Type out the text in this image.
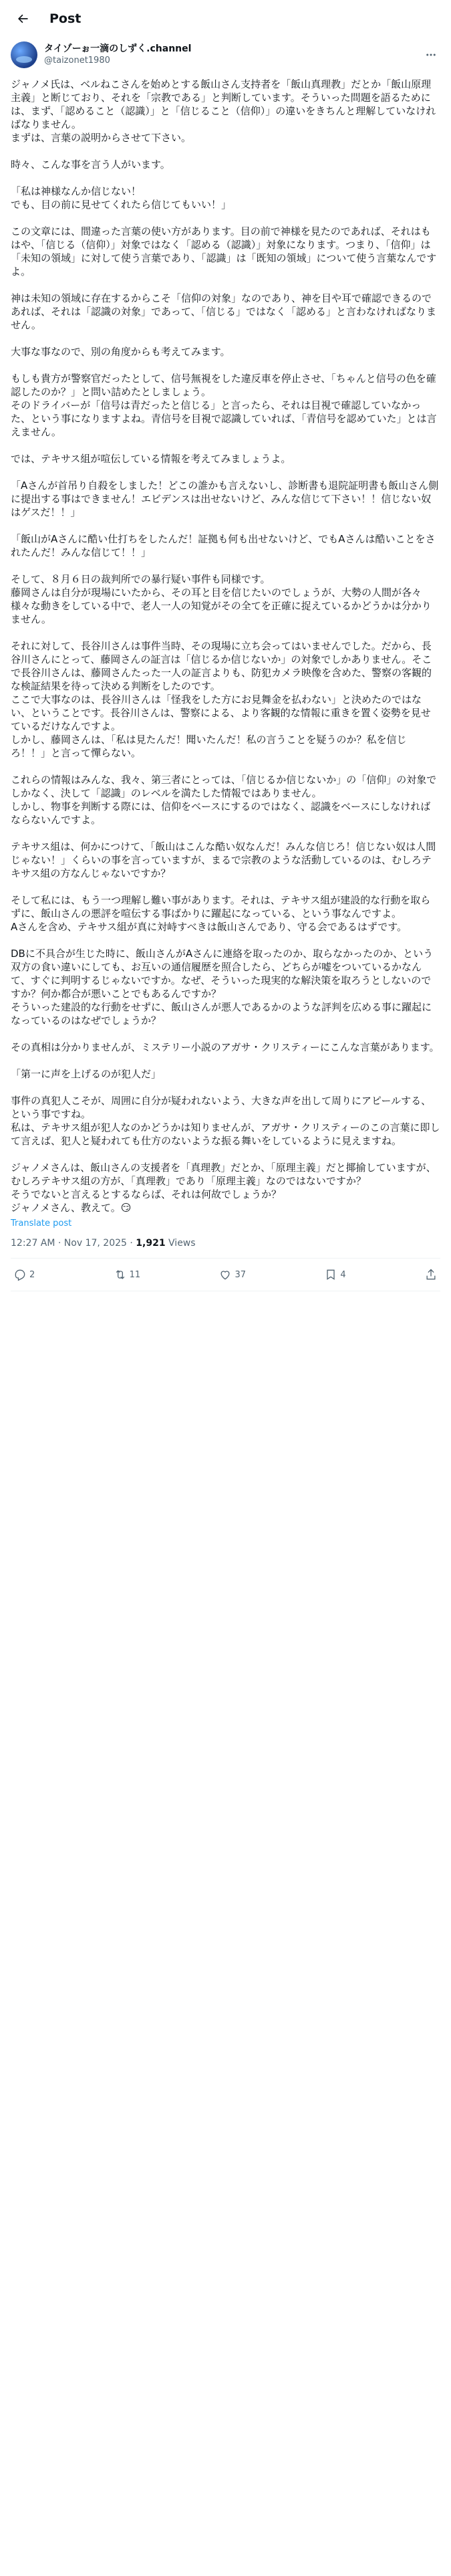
Post
タイゾーぉ一滴のしずく.channel
@taizonet1980

ジャノメ氏は、ベルねこさんを始めとする飯山さん支持者を「飯山真理教」だとか「飯山原理主義」と断じており、それを「宗教である」と判断しています。そういった問題を語るためには、まず、「認めること（認識）」と「信じること（信仰）」の違いをきちんと理解していなければなりません。
まずは、言葉の説明からさせて下さい。

時々、こんな事を言う人がいます。

「私は神様なんか信じない！
でも、目の前に見せてくれたら信じてもいい！」

この文章には、間違った言葉の使い方があります。目の前で神様を見たのであれば、それはもはや、「信じる（信仰）」対象ではなく「認める（認識）」対象になります。つまり、「信仰」は「未知の領域」に対して使う言葉であり、「認識」は「既知の領域」について使う言葉なんですよ。

神は未知の領域に存在するからこそ「信仰の対象」なのであり、神を目や耳で確認できるのであれば、それは「認識の対象」であって、「信じる」ではなく「認める」と言わなければなりません。

大事な事なので、別の角度からも考えてみます。

もしも貴方が警察官だったとして、信号無視をした違反車を停止させ、「ちゃんと信号の色を確認したのか？」と問い詰めたとしましょう。
そのドライバーが「信号は青だったと信じる」と言ったら、それは目視で確認していなかった、という事になりますよね。青信号を目視で認識していれば、「青信号を認めていた」とは言えません。

では、テキサス組が喧伝している情報を考えてみましょうよ。

「Aさんが首吊り自殺をしました！どこの誰かも言えないし、診断書も退院証明書も飯山さん側に提出する事はできません！エビデンスは出せないけど、みんな信じて下さい！！信じない奴はゲスだ！！」

「飯山がAさんに酷い仕打ちをしたんだ！証拠も何も出せないけど、でもAさんは酷いことをされたんだ！みんな信じて！！」

そして、８月６日の裁判所での暴行疑い事件も同様です。
藤岡さんは自分が現場にいたから、その耳と目を信じたいのでしょうが、大勢の人間が各々様々な動きをしている中で、老人一人の知覚がその全てを正確に捉えているかどうかは分かりません。

それに対して、長谷川さんは事件当時、その現場に立ち会ってはいませんでした。だから、長谷川さんにとって、藤岡さんの証言は「信じるか信じないか」の対象でしかありません。そこで長谷川さんは、藤岡さんたった一人の証言よりも、防犯カメラ映像を含めた、警察の客観的な検証結果を待って決める判断をしたのです。
ここで大事なのは、長谷川さんは「怪我をした方にお見舞金を払わない」と決めたのではない、ということです。長谷川さんは、警察による、より客観的な情報に重きを置く姿勢を見せているだけなんですよ。
しかし、藤岡さんは、「私は見たんだ！聞いたんだ！私の言うことを疑うのか？私を信じろ！！」と言って憚らない。

これらの情報はみんな、我々、第三者にとっては、「信じるか信じないか」の「信仰」の対象でしかなく、決して「認識」のレベルを満たした情報ではありません。
しかし、物事を判断する際には、信仰をベースにするのではなく、認識をベースにしなければならないんですよ。

テキサス組は、何かにつけて、「飯山はこんな酷い奴なんだ！みんな信じろ！信じない奴は人間じゃない！」くらいの事を言っていますが、まるで宗教のような活動しているのは、むしろテキサス組の方なんじゃないですか？

そして私には、もう一つ理解し難い事があります。それは、テキサス組が建設的な行動を取らずに、飯山さんの悪評を喧伝する事ばかりに躍起になっている、という事なんですよ。
Aさんを含め、テキサス組が真に対峙すべきは飯山さんであり、守る会であるはずです。

DBに不具合が生じた時に、飯山さんがAさんに連絡を取ったのか、取らなかったのか、という双方の食い違いにしても、お互いの通信履歴を照合したら、どちらが嘘をついているかなんて、すぐに判明するじゃないですか。なぜ、そういった現実的な解決策を取ろうとしないのですか？何か都合が悪いことでもあるんですか？
そういった建設的な行動をせずに、飯山さんが悪人であるかのような評判を広める事に躍起になっているのはなぜでしょうか？

その真相は分かりませんが、ミステリー小説のアガサ・クリスティーにこんな言葉があります。

「第一に声を上げるのが犯人だ」

事件の真犯人こそが、周囲に自分が疑われないよう、大きな声を出して周りにアピールする、という事ですね。
私は、テキサス組が犯人なのかどうかは知りませんが、アガサ・クリスティーのこの言葉に即して言えば、犯人と疑われても仕方のないような振る舞いをしているように見えますね。

ジャノメさんは、飯山さんの支援者を「真理教」だとか、「原理主義」だと揶揄していますが、むしろテキサス組の方が、「真理教」であり「原理主義」なのではないですか？
そうでないと言えるとするならば、それは何故でしょうか？
ジャノメさん、教えて。😏

Translate post
12:27 AM · Nov 17, 2025 · 1,921 Views
2	11	37	4
